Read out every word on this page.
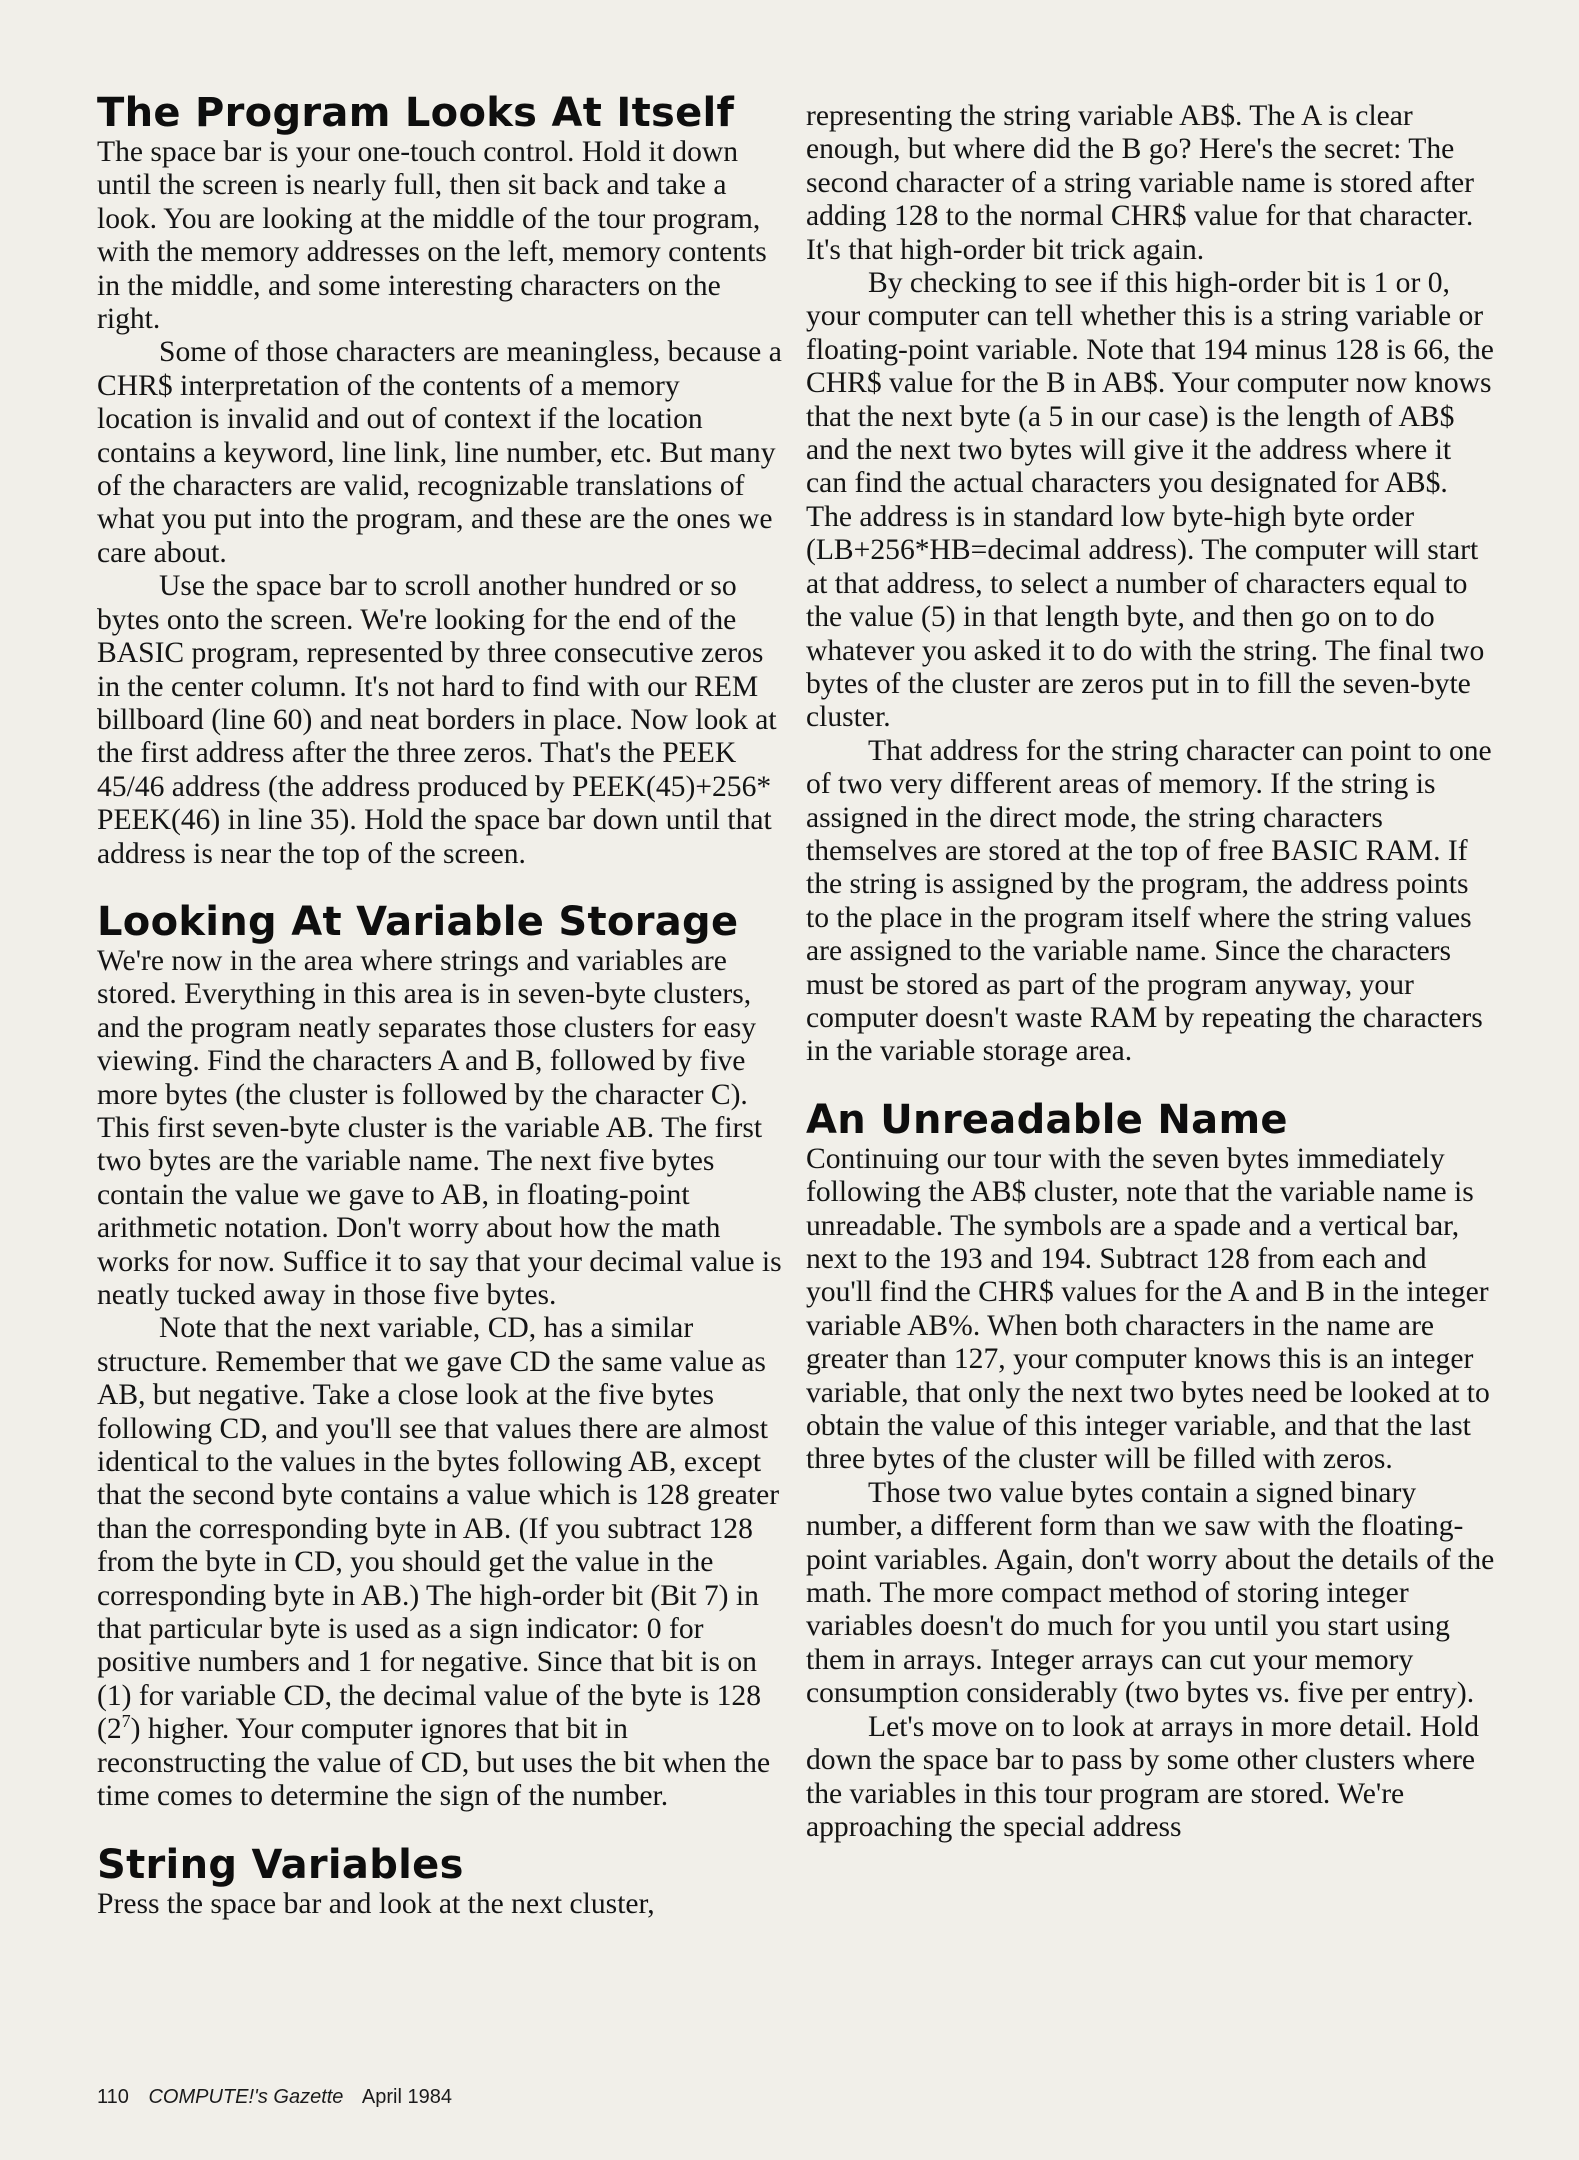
The Program Looks At Itself

The space bar is your one-touch control. Hold it down until the screen is nearly full, then sit back and take a look. You are looking at the middle of the tour program, with the memory addresses on the left, memory contents in the middle, and some interesting characters on the right.

Some of those characters are meaningless, because a CHR$ interpretation of the contents of a memory location is invalid and out of context if the location contains a keyword, line link, line number, etc. But many of the characters are valid, recognizable translations of what you put into the program, and these are the ones we care about.

Use the space bar to scroll another hundred or so bytes onto the screen. We're looking for the end of the BASIC program, represented by three consecutive zeros in the center column. It's not hard to find with our REM billboard (line 60) and neat borders in place. Now look at the first address after the three zeros. That's the PEEK 45/46 address (the address produced by PEEK(45)+256* PEEK(46) in line 35). Hold the space bar down until that address is near the top of the screen.

Looking At Variable Storage

We're now in the area where strings and variables are stored. Everything in this area is in seven-byte clusters, and the program neatly separates those clusters for easy viewing. Find the characters A and B, followed by five more bytes (the cluster is followed by the character C). This first seven-byte cluster is the variable AB. The first two bytes are the variable name. The next five bytes contain the value we gave to AB, in floating-point arithmetic notation. Don't worry about how the math works for now. Suffice it to say that your decimal value is neatly tucked away in those five bytes.

Note that the next variable, CD, has a similar structure. Remember that we gave CD the same value as AB, but negative. Take a close look at the five bytes following CD, and you'll see that values there are almost identical to the values in the bytes following AB, except that the second byte contains a value which is 128 greater than the corresponding byte in AB. (If you subtract 128 from the byte in CD, you should get the value in the corresponding byte in AB.) The high-order bit (Bit 7) in that particular byte is used as a sign indicator: 0 for positive numbers and 1 for negative. Since that bit is on (1) for variable CD, the decimal value of the byte is 128 $(2^7)$ higher. Your computer ignores that bit in reconstructing the value of CD, but uses the bit when the time comes to determine the sign of the number.

String Variables

Press the space bar and look at the next cluster,

representing the string variable AB$. The A is clear enough, but where did the B go? Here's the secret: The second character of a string variable name is stored after adding 128 to the normal CHR$ value for that character. It's that high-order bit trick again.

By checking to see if this high-order bit is 1 or 0, your computer can tell whether this is a string variable or floating-point variable. Note that 194 minus 128 is 66, the CHR$ value for the B in AB$. Your computer now knows that the next byte (a 5 in our case) is the length of AB$ and the next two bytes will give it the address where it can find the actual characters you designated for AB$. The address is in standard low byte-high byte order (LB+256*HB=decimal address). The computer will start at that address, to select a number of characters equal to the value (5) in that length byte, and then go on to do whatever you asked it to do with the string. The final two bytes of the cluster are zeros put in to fill the seven-byte cluster.

That address for the string character can point to one of two very different areas of memory. If the string is assigned in the direct mode, the string characters themselves are stored at the top of free BASIC RAM. If the string is assigned by the program, the address points to the place in the program itself where the string values are assigned to the variable name. Since the characters must be stored as part of the program anyway, your computer doesn't waste RAM by repeating the characters in the variable storage area.

An Unreadable Name

Continuing our tour with the seven bytes immediately following the AB$ cluster, note that the variable name is unreadable. The symbols are a spade and a vertical bar, next to the 193 and 194. Subtract 128 from each and you'll find the CHR$ values for the A and B in the integer variable AB%. When both characters in the name are greater than 127, your computer knows this is an integer variable, that only the next two bytes need be looked at to obtain the value of this integer variable, and that the last three bytes of the cluster will be filled with zeros.

Those two value bytes contain a signed binary number, a different form than we saw with the floating-point variables. Again, don't worry about the details of the math. The more compact method of storing integer variables doesn't do much for you until you start using them in arrays. Integer arrays can cut your memory consumption considerably (two bytes vs. five per entry).

Let's move on to look at arrays in more detail. Hold down the space bar to pass by some other clusters where the variables in this tour program are stored. We're approaching the special address

110 COMPUTE!'s Gazette April 1984
